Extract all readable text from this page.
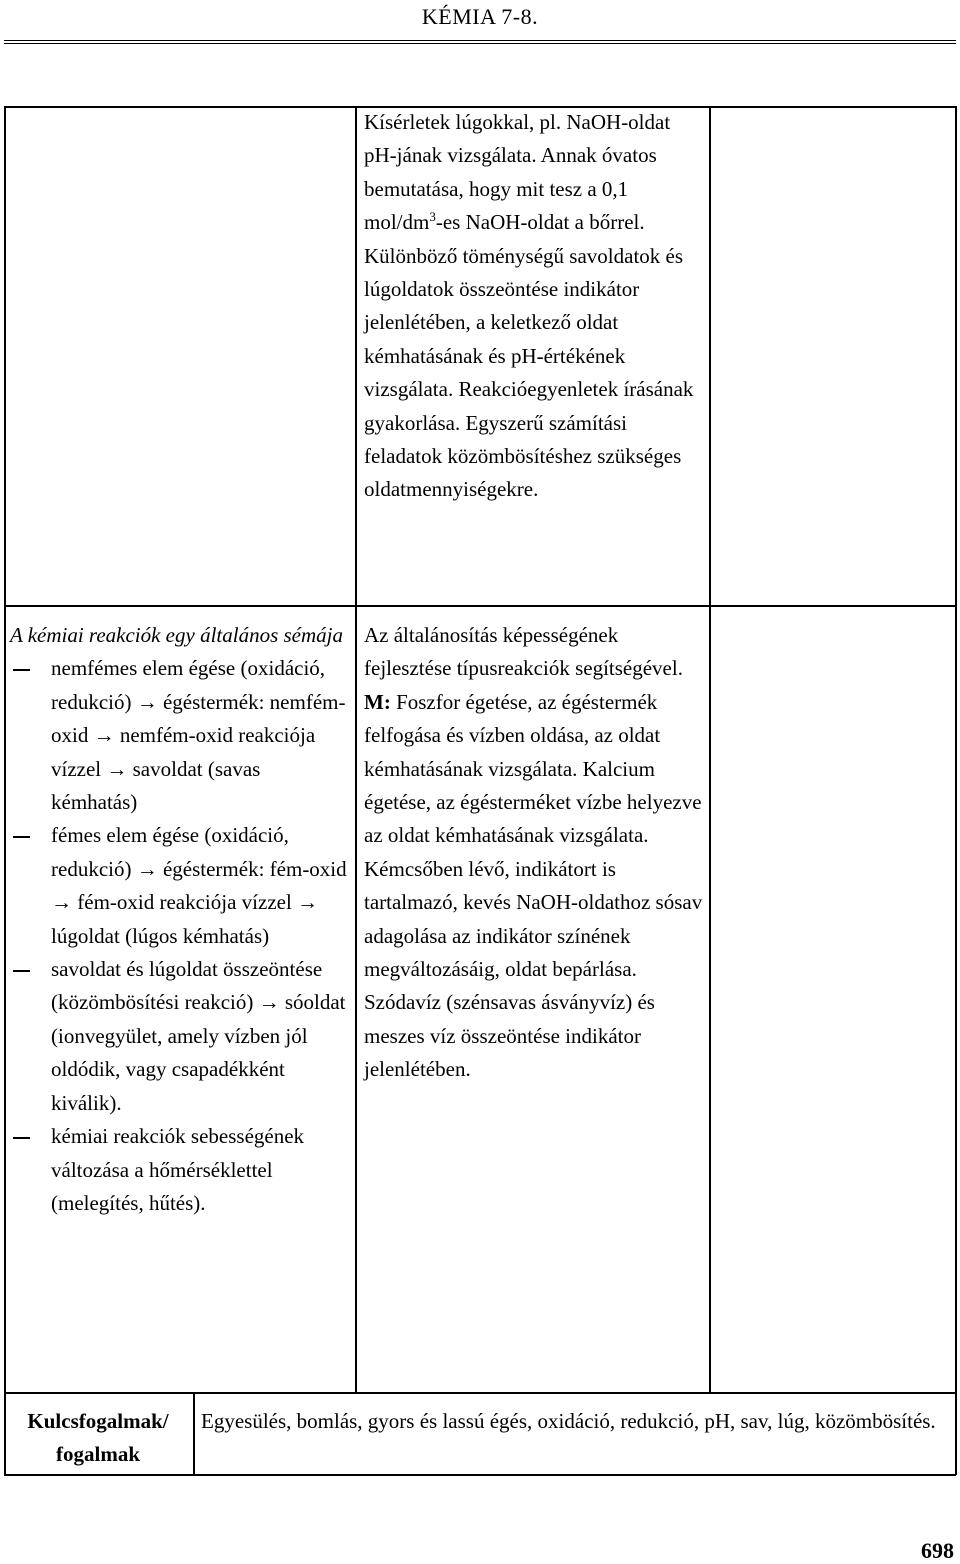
KÉMIA 7-8.

Kísérletek lúgokkal, pl. NaOH-oldat pH-jának vizsgálata. Annak óvatos bemutatása, hogy mit tesz a 0,1 mol/$dm^3-es$ NaOH-oldat a bőrrel. Különböző töménységű savoldatok és lúgoldatok összeöntése indikátor jelenlétében, a keletkező oldat kémhatásának és pH-értékének vizsgálata. Reakcióegyenletek írásának gyakorlása. Egyszerű számítási feladatok közömbösítéshez szükséges oldatmennyiségekre.

A kémiai reakciók egy általános sémája

nemfémes elem égése (oxidáció, redukció) → égéstermék: nemfém-oxid → nemfém-oxid reakciója vízzel → savoldat (savas kémhatás)
fémes elem égése (oxidáció, redukció) → égéstermék: fém-oxid → fém-oxid reakciója vízzel → lúgoldat (lúgos kémhatás)
savoldat és lúgoldat összeöntése (közömbösítési reakció) → sóoldat (ionvegyület, amely vízben jól oldódik, vagy csapadékként kiválik).
kémiai reakciók sebességének változása a hőmérséklettel (melegítés, hűtés).

Az általánosítás képességének fejlesztése típusreakciók segítségével.

M: Foszfor égetése, az égéstermék felfogása és vízben oldása, az oldat kémhatásának vizsgálata. Kalcium égetése, az égésterméket vízbe helyezve az oldat kémhatásának vizsgálata. Kémcsőben lévő, indikátort is tartalmazó, kevés NaOH-oldathoz sósav adagolása az indikátor színének megváltozásáig, oldat bepárlása. Szódavíz (szénsavas ásványvíz) és meszes víz összeöntése indikátor jelenlétében.

Kulcsfogalmak/
fogalmak
Egyesülés, bomlás, gyors és lassú égés, oxidáció, redukció, pH, sav, lúg, közömbösítés.
698
